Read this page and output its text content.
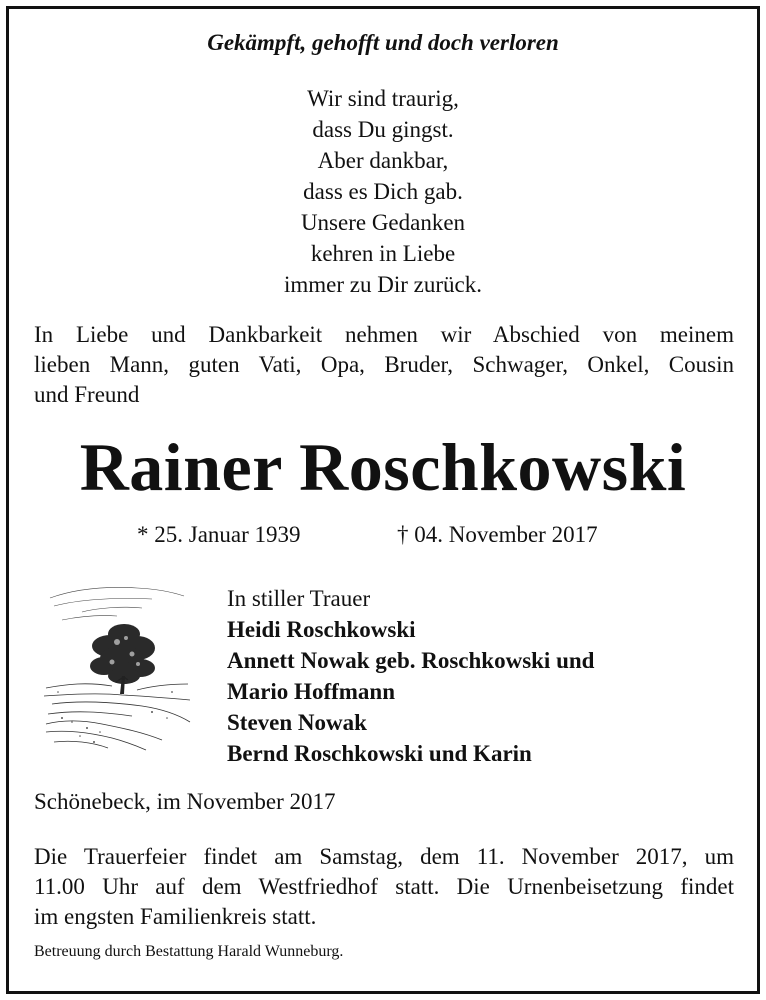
Gekämpft, gehofft und doch verloren
Wir sind traurig,
dass Du gingst.
Aber dankbar,
dass es Dich gab.
Unsere Gedanken
kehren in Liebe
immer zu Dir zurück.
In Liebe und Dankbarkeit nehmen wir Abschied von meinem
lieben Mann, guten Vati, Opa, Bruder, Schwager, Onkel, Cousin
und Freund
Rainer Roschkowski
* 25. Januar 1939	† 04. November 2017
In stiller Trauer
Heidi Roschkowski
Annett Nowak geb. Roschkowski und
Mario Hoffmann
Steven Nowak
Bernd Roschkowski und Karin
Schönebeck, im November 2017
Die Trauerfeier findet am Samstag, dem 11. November 2017, um
11.00 Uhr auf dem Westfriedhof statt. Die Urnenbeisetzung findet
im engsten Familienkreis statt.
Betreuung durch Bestattung Harald Wunneburg.
